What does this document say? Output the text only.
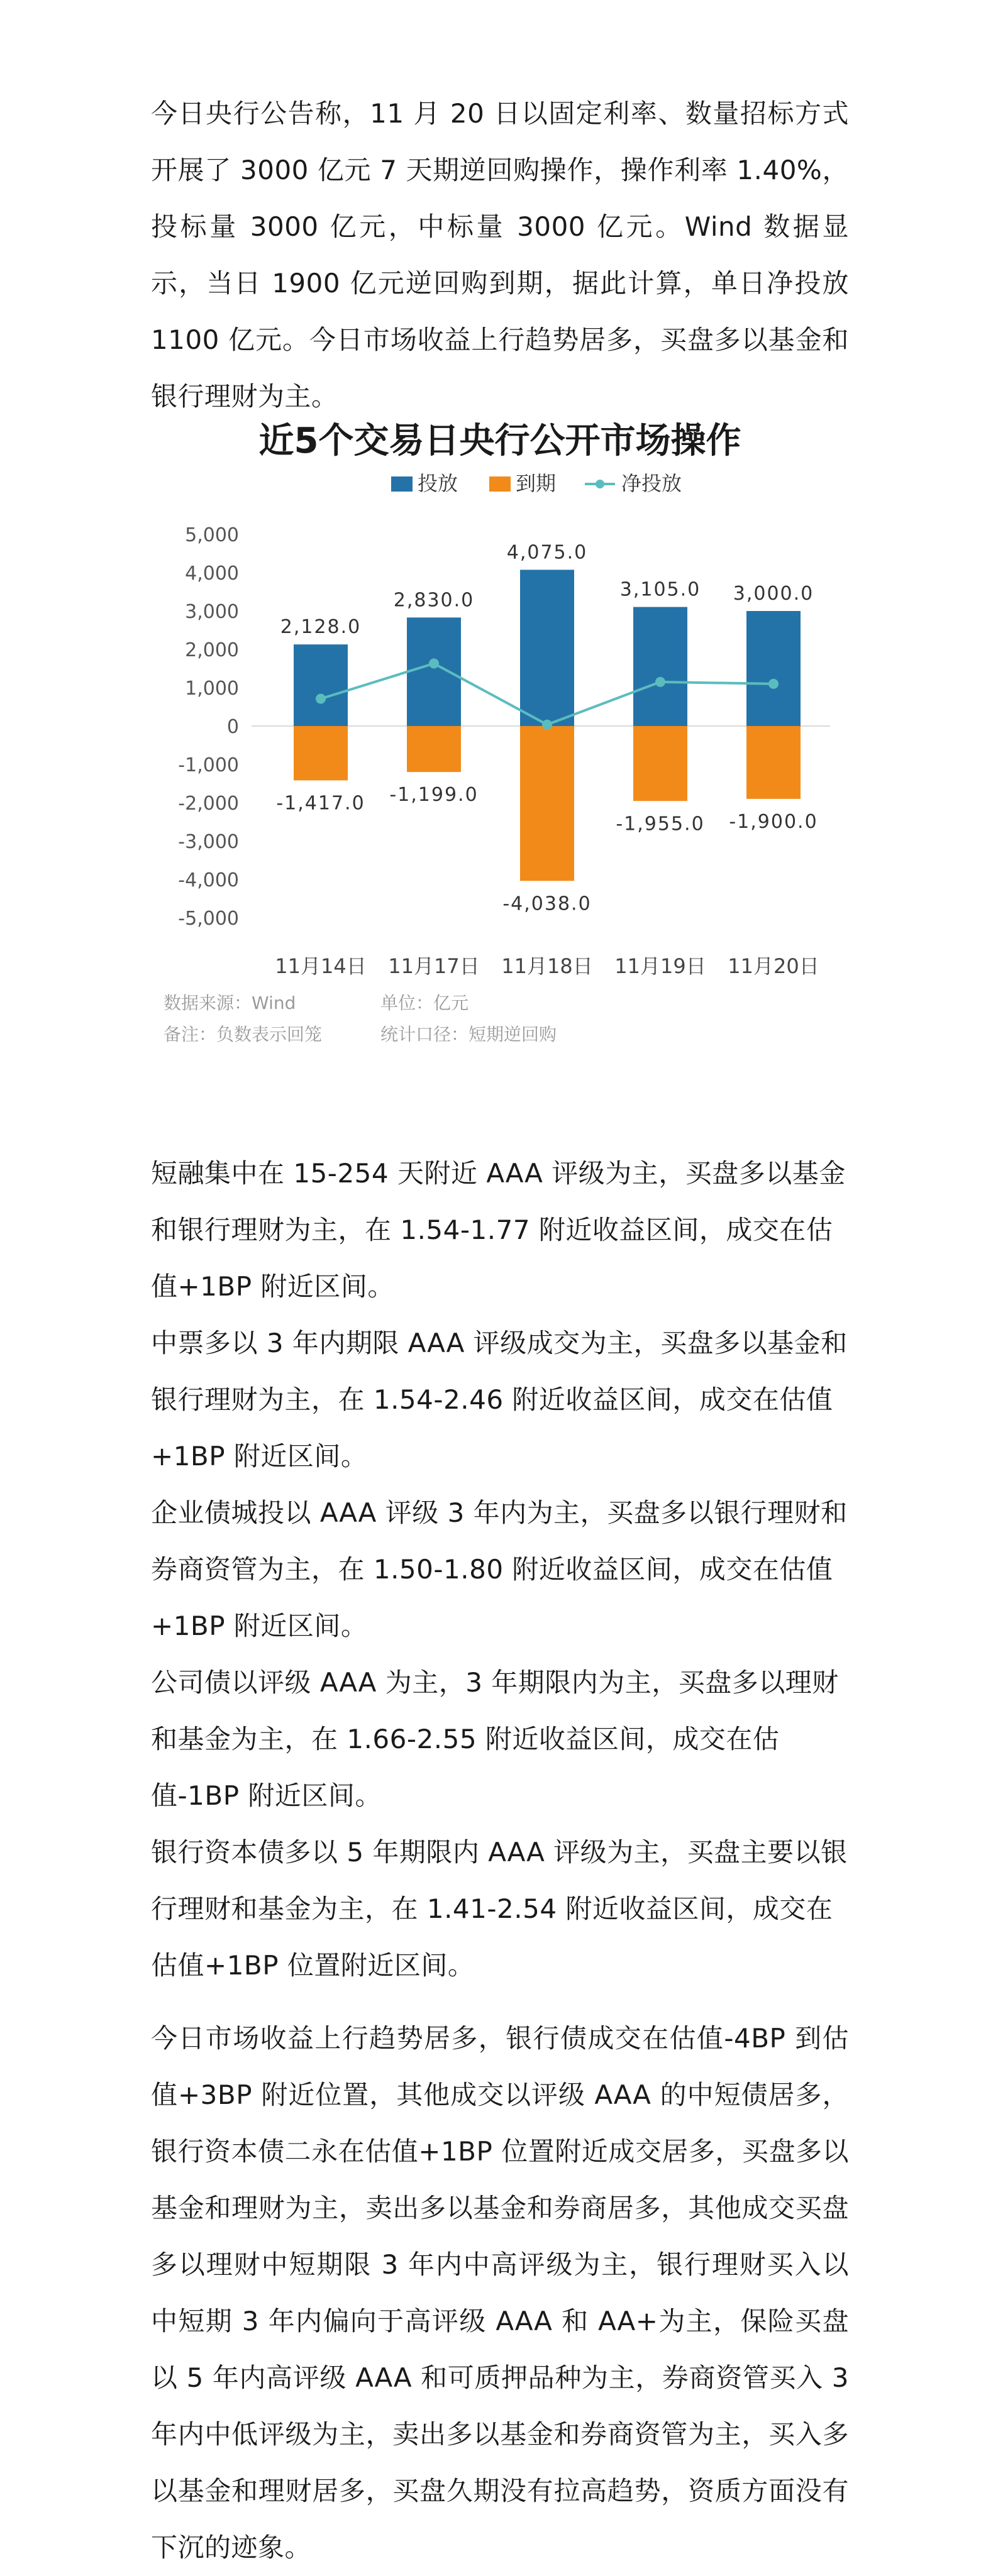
今日央行公告称，11 月 20 日以固定利率、数量招标方式开展了 3000 亿元 7 天期逆回购操作，操作利率 1.40%，投标量 3000 亿元，中标量 3000 亿元。Wind 数据显示，当日 1900 亿元逆回购到期，据此计算，单日净投放 1100 亿元。今日市场收益上行趋势居多，买盘多以基金和银行理财为主。

近5个交易日央行公开市场操作
投放	到期	净投放
5,000
4,000
3,000
2,000
1,000
0
-1,000
-2,000
-3,000
-4,000
-5,000
11月14日 11月17日 11月18日 11月19日 11月20日
2,128.0
2,830.0
4,075.0
3,105.0 3,000.0
-1,417.0 -1,199.0
-4,038.0
-1,955.0 -1,900.0
数据来源：Wind	单位：亿元
备注：负数表示回笼	统计口径：短期逆回购

短融集中在 15-254 天附近 AAA 评级为主，买盘多以基金和银行理财为主，在 1.54-1.77 附近收益区间，成交在估值+1BP 附近区间。

中票多以 3 年内期限 AAA 评级成交为主，买盘多以基金和银行理财为主，在 1.54-2.46 附近收益区间，成交在估值+1BP 附近区间。

企业债城投以 AAA 评级 3 年内为主，买盘多以银行理财和券商资管为主，在 1.50-1.80 附近收益区间，成交在估值+1BP 附近区间。

公司债以评级 AAA 为主，3 年期限内为主，买盘多以理财和基金为主，在 1.66-2.55 附近收益区间，成交在估值-1BP 附近区间。

银行资本债多以 5 年期限内 AAA 评级为主，买盘主要以银行理财和基金为主，在 1.41-2.54 附近收益区间，成交在估值+1BP 位置附近区间。

今日市场收益上行趋势居多，银行债成交在估值-4BP 到估值+3BP 附近位置，其他成交以评级 AAA 的中短债居多，银行资本债二永在估值+1BP 位置附近成交居多，买盘多以基金和理财为主，卖出多以基金和券商居多，其他成交买盘多以理财中短期限 3 年内中高评级为主，银行理财买入以中短期 3 年内偏向于高评级 AAA 和 AA+为主，保险买盘以 5 年内高评级 AAA 和可质押品种为主，券商资管买入 3 年内中低评级为主，卖出多以基金和券商资管为主，买入多以基金和理财居多，买盘久期没有拉高趋势，资质方面没有下沉的迹象。
